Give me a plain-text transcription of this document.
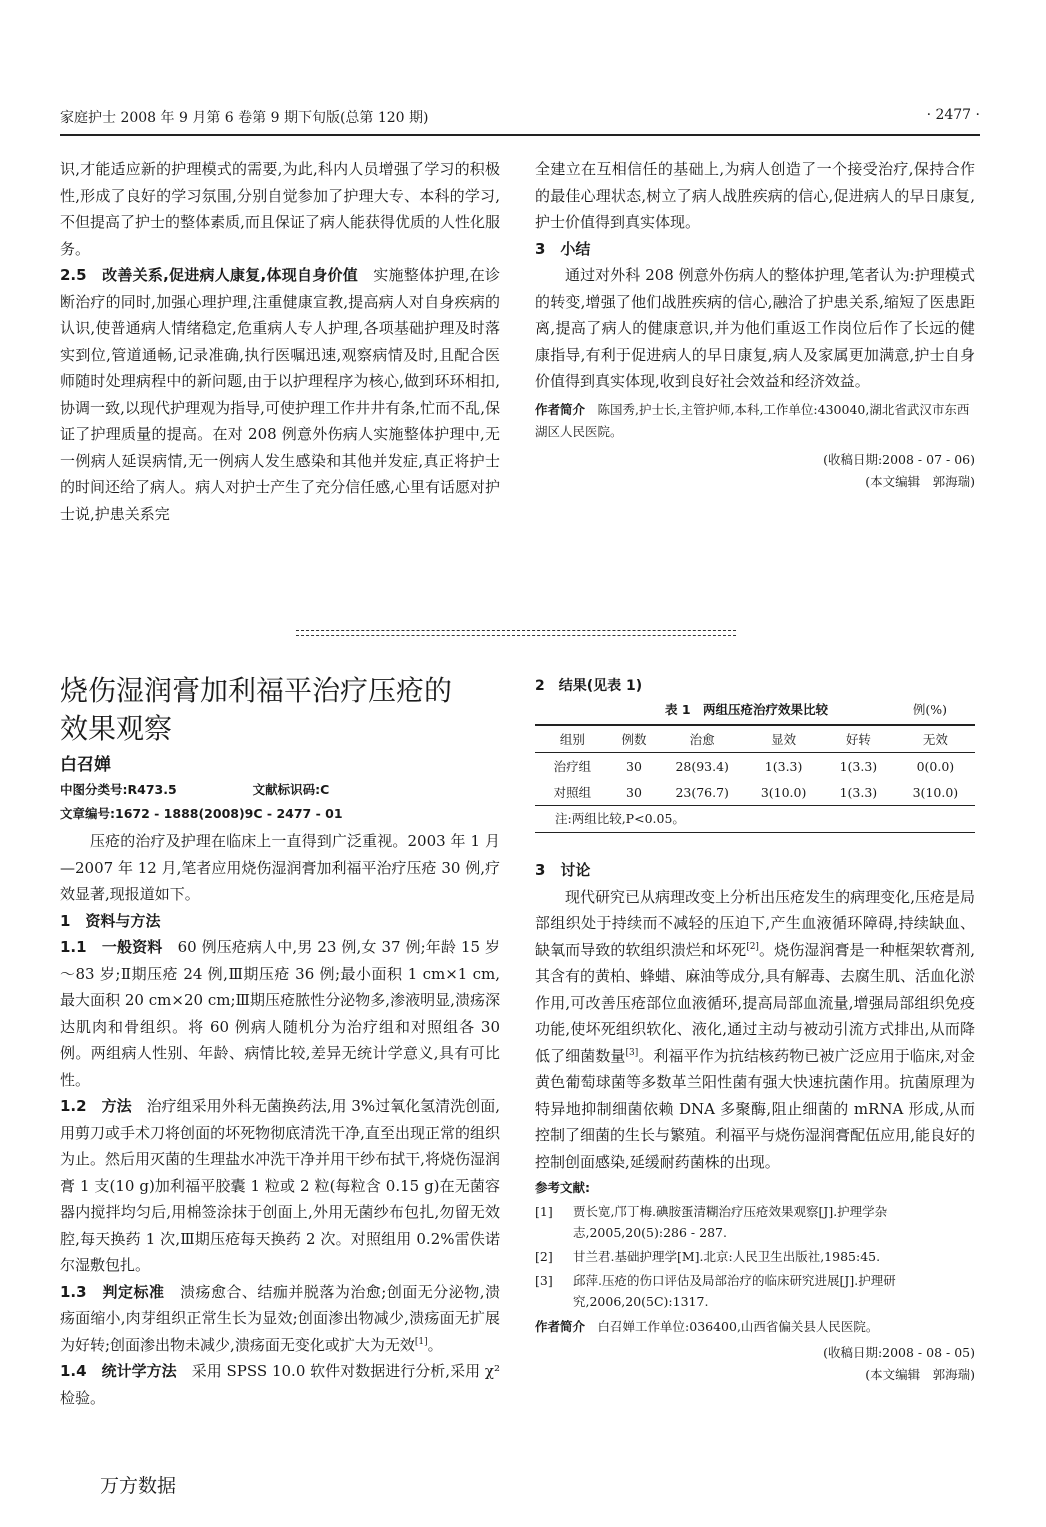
家庭护士 2008 年 9 月第 6 卷第 9 期下旬版(总第 120 期)	· 2477 ·

识,才能适应新的护理模式的需要,为此,科内人员增强了学习的积极性,形成了良好的学习氛围,分别自觉参加了护理大专、本科的学习,不但提高了护士的整体素质,而且保证了病人能获得优质的人性化服务。

2.5　改善关系,促进病人康复,体现自身价值　 实施整体护理,在诊断治疗的同时,加强心理护理,注重健康宣教,提高病人对自身疾病的认识,使普通病人情绪稳定,危重病人专人护理,各项基础护理及时落实到位,管道通畅,记录准确,执行医嘱迅速,观察病情及时,且配合医师随时处理病程中的新问题,由于以护理程序为核心,做到环环相扣,协调一致,以现代护理观为指导,可使护理工作井井有条,忙而不乱,保证了护理质量的提高。在对 208 例意外伤病人实施整体护理中,无一例病人延误病情,无一例病人发生感染和其他并发症,真正将护士的时间还给了病人。病人对护士产生了充分信任感,心里有话愿对护士说,护患关系完

全建立在互相信任的基础上,为病人创造了一个接受治疗,保持合作的最佳心理状态,树立了病人战胜疾病的信心,促进病人的早日康复,护士价值得到真实体现。

3　小结

通过对外科 208 例意外伤病人的整体护理,笔者认为:护理模式的转变,增强了他们战胜疾病的信心,融洽了护患关系,缩短了医患距离,提高了病人的健康意识,并为他们重返工作岗位后作了长远的健康指导,有利于促进病人的早日康复,病人及家属更加满意,护士自身价值得到真实体现,收到良好社会效益和经济效益。

作者简介　 陈国秀,护士长,主管护师,本科,工作单位:430040,湖北省武汉市东西湖区人民医院。

(收稿日期:2008 - 07 - 06)

(本文编辑　郭海瑞)

烧伤湿润膏加利福平治疗压疮的
效果观察
白召婵
中图分类号:R473.5	文献标识码:C
文章编号:1672 - 1888(2008)9C - 2477 - 01

压疮的治疗及护理在临床上一直得到广泛重视。2003 年 1 月—2007 年 12 月,笔者应用烧伤湿润膏加利福平治疗压疮 30 例,疗效显著,现报道如下。

1　资料与方法

1.1　一般资料　 60 例压疮病人中,男 23 例,女 37 例;年龄 15 岁～83 岁;Ⅱ期压疮 24 例,Ⅲ期压疮 36 例;最小面积 1 cm×1 cm,最大面积 20 cm×20 cm;Ⅲ期压疮脓性分泌物多,渗液明显,溃疡深达肌肉和骨组织。将 60 例病人随机分为治疗组和对照组各 30 例。两组病人性别、年龄、病情比较,差异无统计学意义,具有可比性。

1.2　方法　 治疗组采用外科无菌换药法,用 3%过氧化氢清洗创面,用剪刀或手术刀将创面的坏死物彻底清洗干净,直至出现正常的组织为止。然后用灭菌的生理盐水冲洗干净并用干纱布拭干,将烧伤湿润膏 1 支(10 g)加利福平胶囊 1 粒或 2 粒(每粒含 0.15 g)在无菌容器内搅拌均匀后,用棉签涂抹于创面上,外用无菌纱布包扎,勿留无效腔,每天换药 1 次,Ⅲ期压疮每天换药 2 次。对照组用 0.2%雷佚诺尔湿敷包扎。

1.3　判定标准　 溃疡愈合、结痂并脱落为治愈;创面无分泌物,溃疡面缩小,肉芽组织正常生长为显效;创面渗出物减少,溃疡面无扩展为好转;创面渗出物未减少,溃疡面无变化或扩大为无效[1]。

1.4　统计学方法　 采用 SPSS 10.0 软件对数据进行分析,采用 χ² 检验。

2　结果(见表 1)

表 1　两组压疮治疗效果比较	例(%)
组别	例数	治愈	显效	好转	无效
治疗组	30	28(93.4)	1(3.3)	1(3.3)	0(0.0)
对照组	30	23(76.7)	3(10.0)	1(3.3)	3(10.0)
注:两组比较,P<0.05。

3　讨论

现代研究已从病理改变上分析出压疮发生的病理变化,压疮是局部组织处于持续而不减轻的压迫下,产生血液循环障碍,持续缺血、缺氧而导致的软组织溃烂和坏死[2]。烧伤湿润膏是一种框架软膏剂,其含有的黄柏、蜂蜡、麻油等成分,具有解毒、去腐生肌、活血化淤作用,可改善压疮部位血液循环,提高局部血流量,增强局部组织免疫功能,使坏死组织软化、液化,通过主动与被动引流方式排出,从而降低了细菌数量[3]。利福平作为抗结核药物已被广泛应用于临床,对金黄色葡萄球菌等多数革兰阳性菌有强大快速抗菌作用。抗菌原理为特异地抑制细菌依赖 DNA 多聚酶,阻止细菌的 mRNA 形成,从而控制了细菌的生长与繁殖。利福平与烧伤湿润膏配伍应用,能良好的控制创面感染,延缓耐药菌株的出现。

参考文献:

[1] 贾长宽,邝丁梅.碘胺蛋清糊治疗压疮效果观察[J].护理学杂志,2005,20(5):286 - 287.

[2] 甘兰君.基础护理学[M].北京:人民卫生出版社,1985:45.

[3] 邱萍.压疮的伤口评估及局部治疗的临床研究进展[J].护理研究,2006,20(5C):1317.

作者简介　 白召婵工作单位:036400,山西省偏关县人民医院。

(收稿日期:2008 - 08 - 05)

(本文编辑　郭海瑞)

万方数据
